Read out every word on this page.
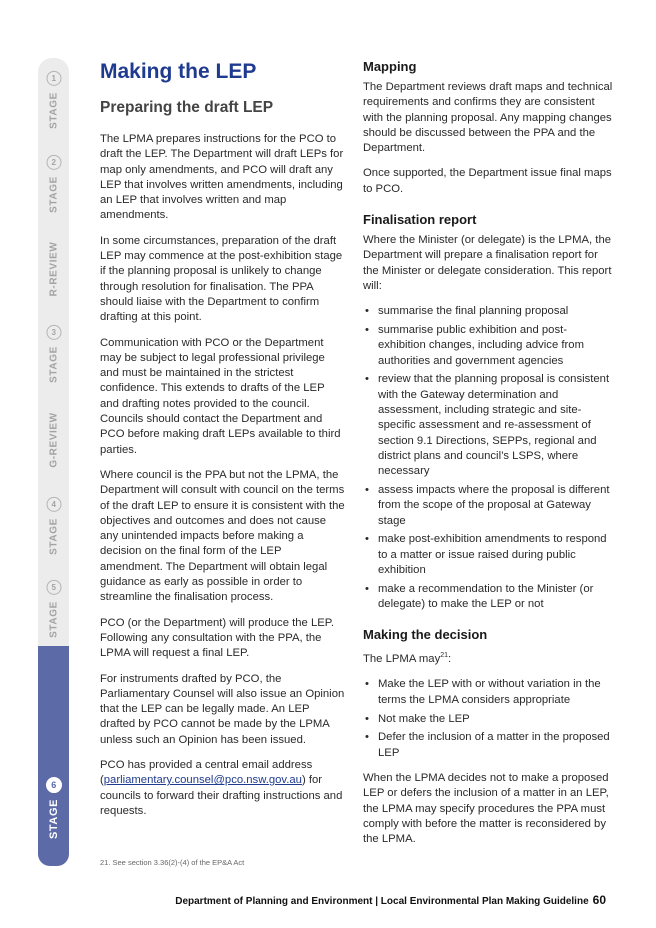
STAGE
1
STAGE
2
R-REVIEW
STAGE
3
G-REVIEW
STAGE
4
STAGE
5
STAGE
6
Making the LEP
Preparing the draft LEP

The LPMA prepares instructions for the PCO to draft the LEP. The Department will draft LEPs for map only amendments, and PCO will draft any LEP that involves written amendments, including an LEP that involves written and map amendments.

In some circumstances, preparation of the draft LEP may commence at the post-exhibition stage if the planning proposal is unlikely to change through resolution for finalisation. The PPA should liaise with the Department to confirm drafting at this point.

Communication with PCO or the Department may be subject to legal professional privilege and must be maintained in the strictest confidence. This extends to drafts of the LEP and drafting notes provided to the council. Councils should contact the Department and PCO before making draft LEPs available to third parties.

Where council is the PPA but not the LPMA, the Department will consult with council on the terms of the draft LEP to ensure it is consistent with the objectives and outcomes and does not cause any unintended impacts before making a decision on the final form of the LEP amendment. The Department will obtain legal guidance as early as possible in order to streamline the finalisation process.

PCO (or the Department) will produce the LEP. Following any consultation with the PPA, the LPMA will request a final LEP.

For instruments drafted by PCO, the Parliamentary Counsel will also issue an Opinion that the LEP can be legally made. An LEP drafted by PCO cannot be made by the LPMA unless such an Opinion has been issued.

PCO has provided a central email address (parliamentary.counsel@pco.nsw.gov.au) for councils to forward their drafting instructions and requests.

Mapping

The Department reviews draft maps and technical requirements and confirms they are consistent with the planning proposal. Any mapping changes should be discussed between the PPA and the Department.

Once supported, the Department issue final maps to PCO.

Finalisation report

Where the Minister (or delegate) is the LPMA, the Department will prepare a finalisation report for the Minister or delegate consideration. This report will:

• summarise the final planning proposal
• summarise public exhibition and post-exhibition changes, including advice from authorities and government agencies
• review that the planning proposal is consistent with the Gateway determination and assessment, including strategic and site-specific assessment and re-assessment of section 9.1 Directions, SEPPs, regional and district plans and council’s LSPS, where necessary
• assess impacts where the proposal is different from the scope of the proposal at Gateway stage
• make post-exhibition amendments to respond to a matter or issue raised during public exhibition
• make a recommendation to the Minister (or delegate) to make the LEP or not
Making the decision

The LPMA may$^{21}$:

• Make the LEP with or without variation in the terms the LPMA considers appropriate
• Not make the LEP
• Defer the inclusion of a matter in the proposed LEP

When the LPMA decides not to make a proposed LEP or defers the inclusion of a matter in an LEP, the LPMA may specify procedures the PPA must comply with before the matter is reconsidered by the LPMA.

21. See section 3.36(2)-(4) of the EP&A Act
Department of Planning and Environment | Local Environmental Plan Making Guideline 60
